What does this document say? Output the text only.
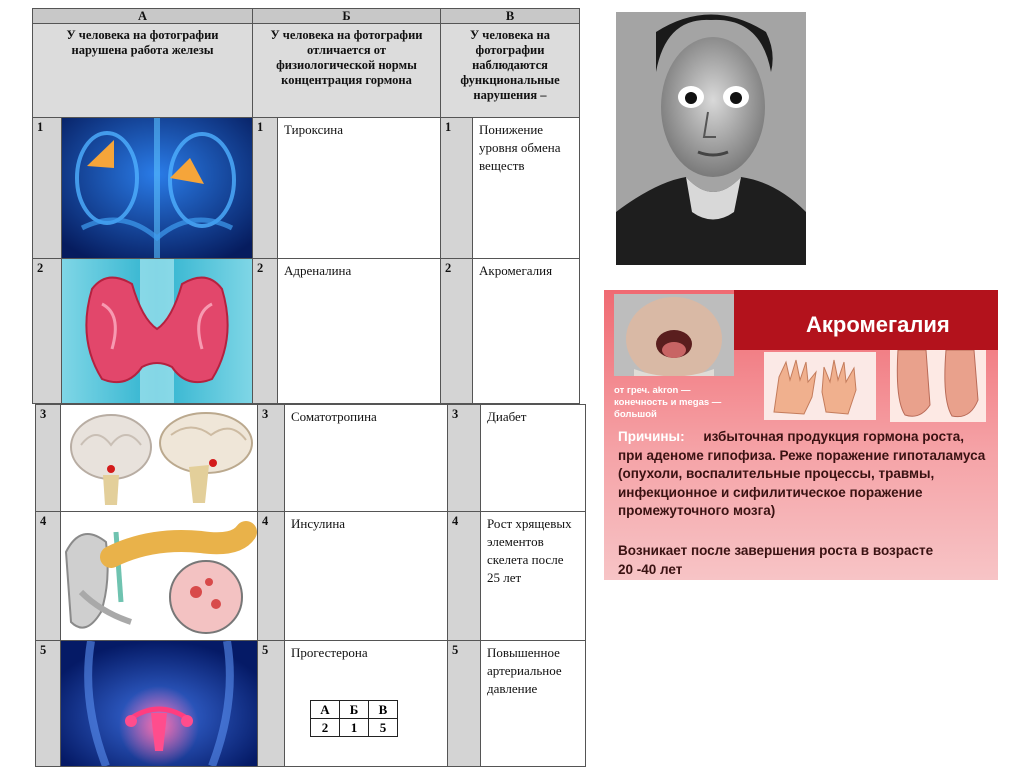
А	Б	В
У человека на фотографии нарушена работа железы
У человека на фотографии отличается от физиологической нормы концентрация гормона
У человека на фотографии наблюдаются функциональные нарушения –
1	1	Тироксина	1	Понижение уровня обмена веществ
2	2	Адреналина	2	Акромегалия
3	3	Соматотропина	3	Диабет
4	4	Инсулина	4	Рост хрящевых элементов скелета после 25 лет
5	5	Прогестерона	5	Повышенное артериальное давление
А	Б	В
2	1	5
Акромегалия
от греч. akron —
конечность и megas —
большой
Причины: избыточная продукция гормона роста, при аденоме гипофиза. Реже поражение гипоталамуса (опухоли, воспалительные процессы, травмы, инфекционное и сифилитическое поражение промежуточного мозга)
Возникает после завершения роста в возрасте 20 -40 лет
